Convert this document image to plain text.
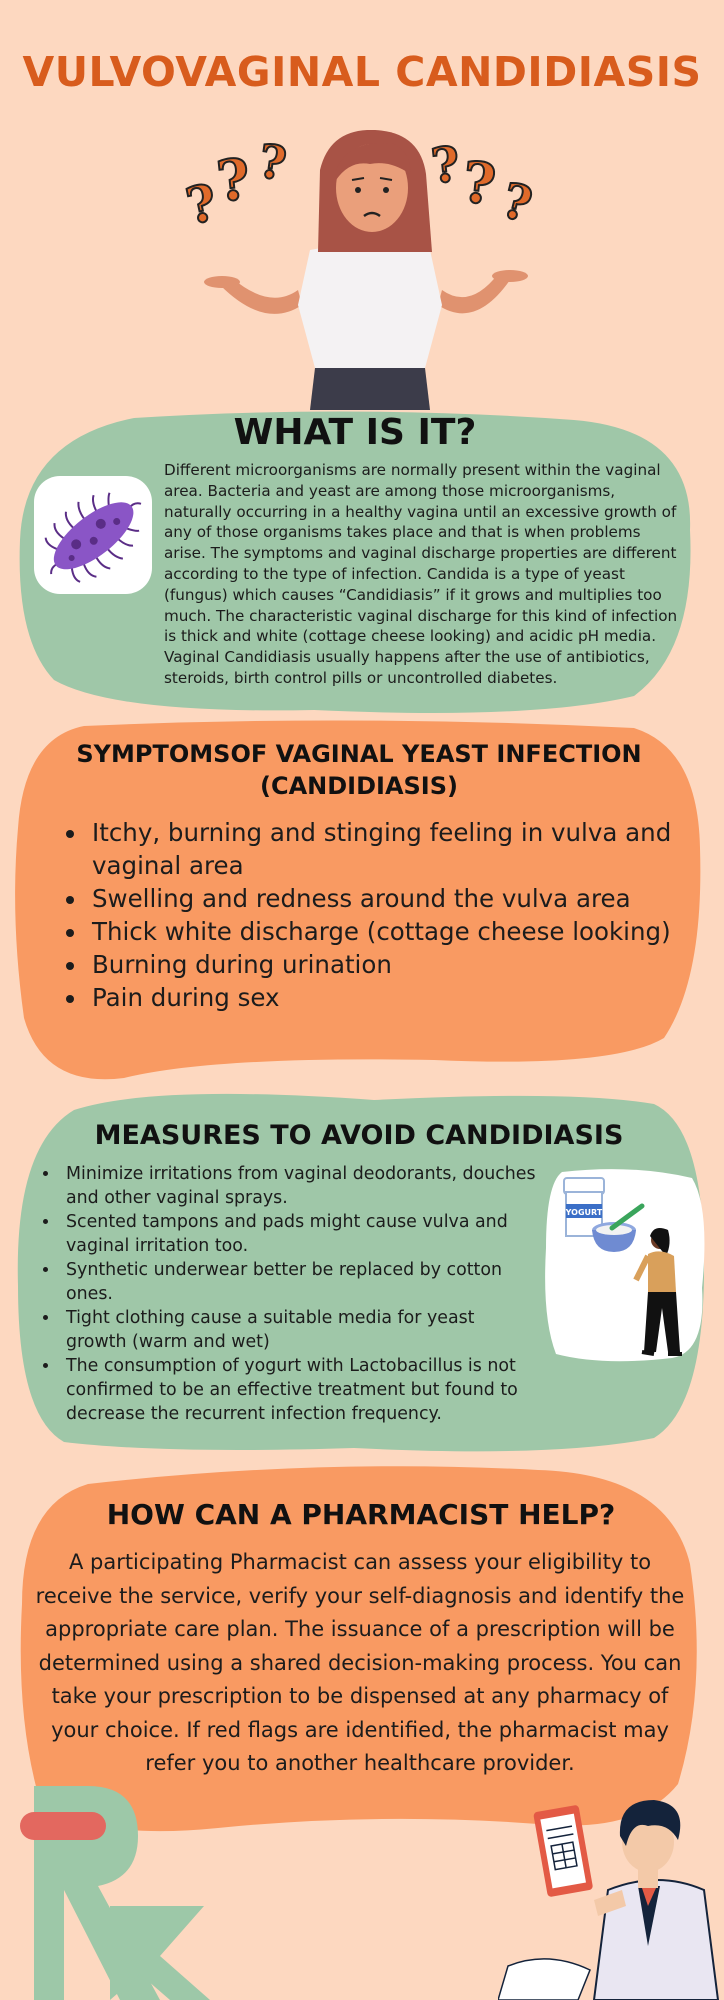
VULVOVAGINAL CANDIDIASIS
?
? ?	?
?
?
WHAT IS IT?

Different microorganisms are normally present within the vaginal area. Bacteria and yeast are among those microorganisms, naturally occurring in a healthy vagina until an excessive growth of any of those organisms takes place and that is when problems arise. The symptoms and vaginal discharge properties are different according to the type of infection. Candida is a type of yeast (fungus) which causes “Candidiasis” if it grows and multiplies too much. The characteristic vaginal discharge for this kind of infection is thick and white (cottage cheese looking) and acidic pH media.

Vaginal Candidiasis usually happens after the use of antibiotics, steroids, birth control pills or uncontrolled diabetes.

SYMPTOMSOF VAGINAL YEAST INFECTION
(CANDIDIASIS)
• Itchy, burning and stinging feeling in vulva and vaginal area
• Swelling and redness around the vulva area
• Thick white discharge (cottage cheese looking)
• Burning during urination
• Pain during sex
MEASURES TO AVOID CANDIDIASIS
• Minimize irritations from vaginal deodorants, douches and other vaginal sprays.
• Scented tampons and pads might cause vulva and vaginal irritation too.
• Synthetic underwear better be replaced by cotton ones.
• Tight clothing cause a suitable media for yeast growth (warm and wet)
• The consumption of yogurt with Lactobacillus is not confirmed to be an effective treatment but found to decrease the recurrent infection frequency.
YOGURT
HOW CAN A PHARMACIST HELP?
A participating Pharmacist can assess your eligibility to receive the service, verify your self-diagnosis and identify the appropriate care plan. The issuance of a prescription will be determined using a shared decision-making process. You can take your prescription to be dispensed at any pharmacy of your choice. If red flags are identified, the pharmacist may refer you to another healthcare provider.
